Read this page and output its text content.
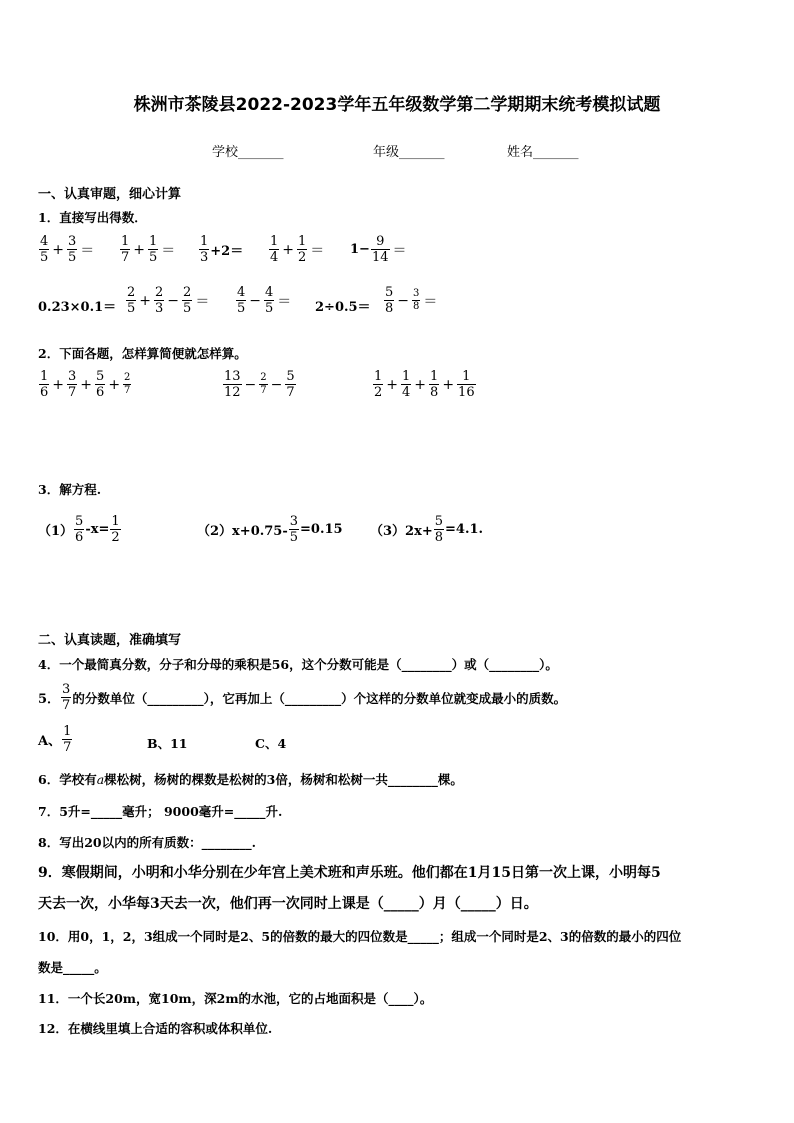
株洲市茶陵县2022-2023学年五年级数学第二学期期末统考模拟试题
学校_______	年级_______	姓名_______
一、认真审题，细心计算
1．直接写出得数．
$\frac{4}{5} + \frac{3}{5} = \frac{1}{7} + \frac{1}{5} = \frac{1}{3} +2= \frac{1}{4} + \frac{1}{2} = 1- \frac{9}{14}$ ＝
$0.23\times 0.1= \frac{2}{5} + \frac{2}{3} - \frac{2}{5} = \frac{4}{5} - \frac{4}{5} = 2\div 0.5= \frac{5}{8} - \frac{3}{8}$ ＝
2．下面各题，怎样算简便就怎样算。
$\frac{1}{6} + \frac{3}{7} + \frac{5}{6} + \frac{2}{7}$	$\frac{13}{12} - \frac{2}{7} - \frac{5}{7}$	$\frac{1}{2} + \frac{1}{4} + \frac{1}{8} + \frac{1}{16}$
3．解方程.
$(1) \frac{5}{6} -x= \frac{1}{2}$	$(2)x+0.75- \frac{3}{5} =0.15$ $(3)2x+ \frac{5}{8} =4.1$.
二、认真读题，准确填写
4．一个最简真分数，分子和分母的乘积是56，这个分数可能是（________）或（________）。
5． $\frac{3}{7}$ 的分数单位（_________），它再加上（_________）个这样的分数单位就变成最小的质数。
A、 $\frac{1}{7}$	B、11	C、4
6．学校有a棵松树，杨树的棵数是松树的3倍，杨树和松树一共________棵。
7．5升=_____毫升； 9000毫升=_____升.
8．写出20以内的所有质数：________.
9．寒假期间，小明和小华分别在少年宫上美术班和声乐班。他们都在1月15日第一次上课，小明每5
天去一次，小华每3天去一次，他们再一次同时上课是（_____）月（_____）日。
10．用0，1，2，3组成一个同时是2、5的倍数的最大的四位数是_____；组成一个同时是2、3的倍数的最小的四位
数是_____。
11．一个长20m，宽10m，深2m的水池，它的占地面积是（____）。
12．在横线里填上合适的容积或体积单位.
